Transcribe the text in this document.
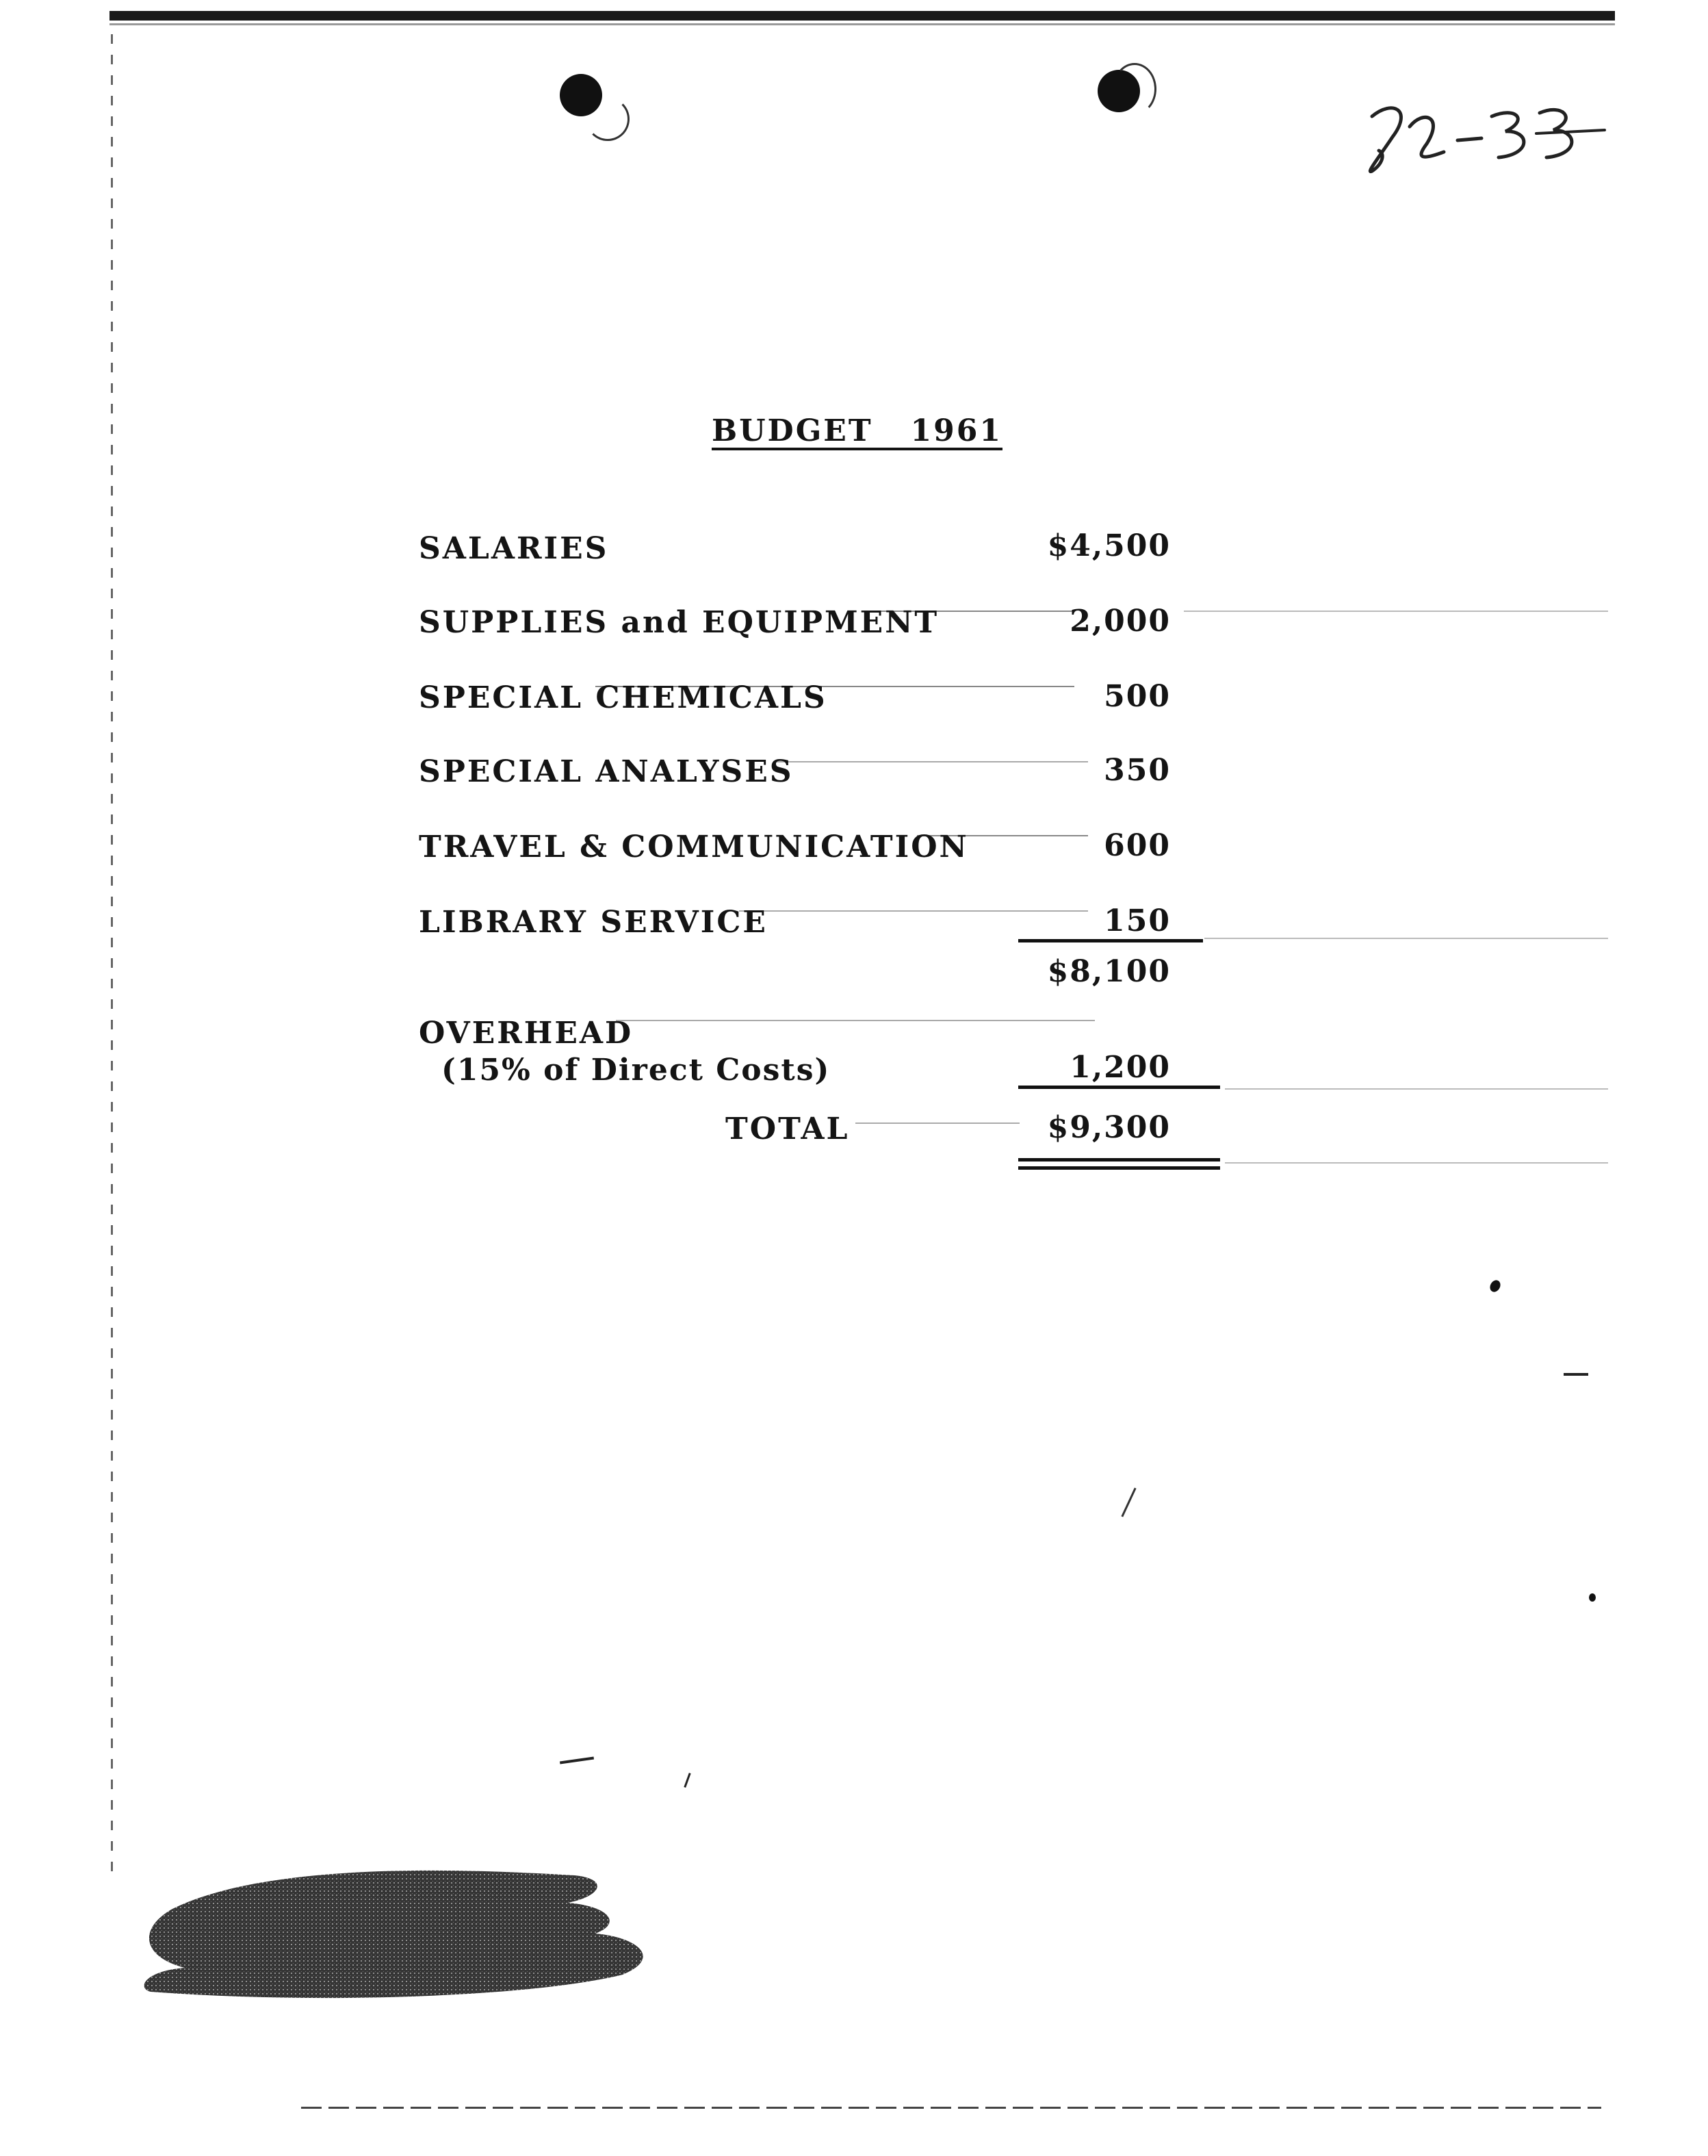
BUDGET   1961
SALARIES	$4,500
SUPPLIES and EQUIPMENT	2,000
SPECIAL CHEMICALS	500
SPECIAL ANALYSES	350
TRAVEL & COMMUNICATION	600
LIBRARY SERVICE	150
$8,100
OVERHEAD
(15% of Direct Costs)	1,200
TOTAL	$9,300
